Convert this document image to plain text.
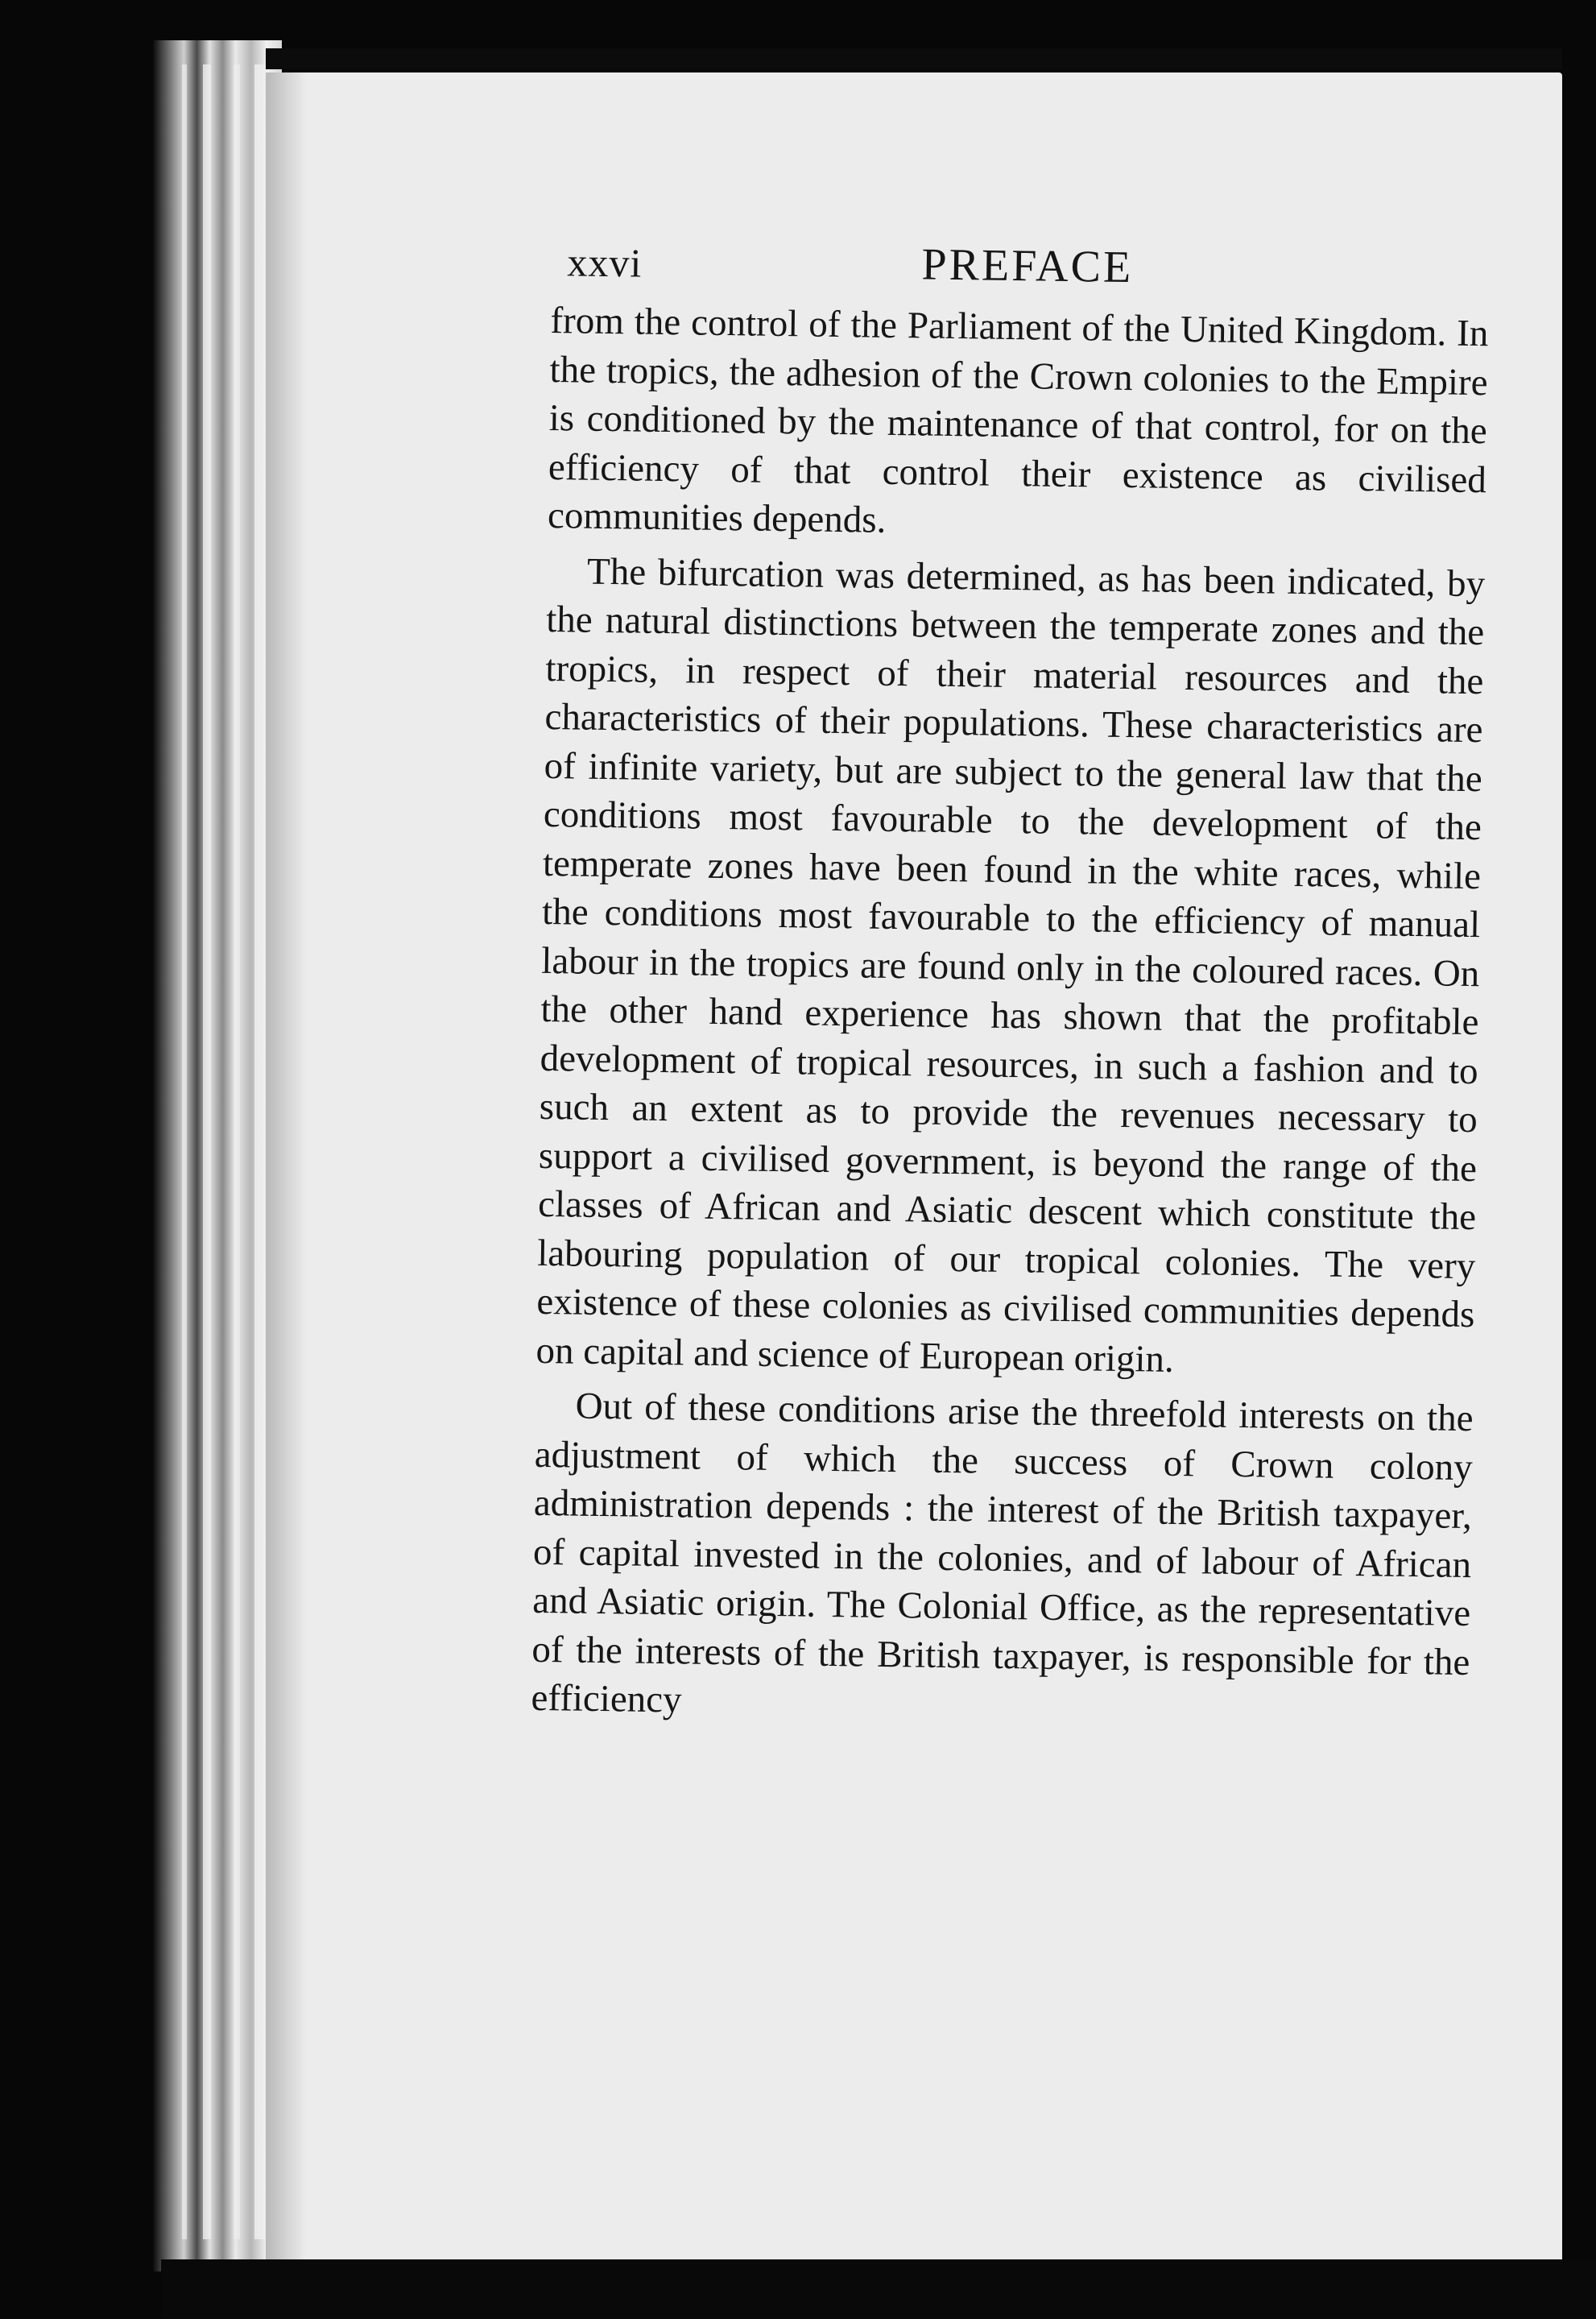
xxvi	PREFACE

from the control of the Parliament of the United Kingdom. In the tropics, the adhesion of the Crown colonies to the Empire is conditioned by the maintenance of that control, for on the efficiency of that control their existence as civilised communities depends.

The bifurcation was determined, as has been indicated, by the natural distinctions between the temperate zones and the tropics, in respect of their material resources and the characteristics of their populations. These characteristics are of infinite variety, but are subject to the general law that the conditions most favourable to the development of the temperate zones have been found in the white races, while the conditions most favourable to the efficiency of manual labour in the tropics are found only in the coloured races. On the other hand experience has shown that the profitable development of tropical resources, in such a fashion and to such an extent as to provide the revenues necessary to support a civilised government, is beyond the range of the classes of African and Asiatic descent which constitute the labouring population of our tropical colonies. The very existence of these colonies as civilised communities depends on capital and science of European origin.

Out of these conditions arise the threefold interests on the adjustment of which the success of Crown colony administration depends : the interest of the British taxpayer, of capital invested in the colonies, and of labour of African and Asiatic origin. The Colonial Office, as the representative of the interests of the British taxpayer, is responsible for the efficiency
